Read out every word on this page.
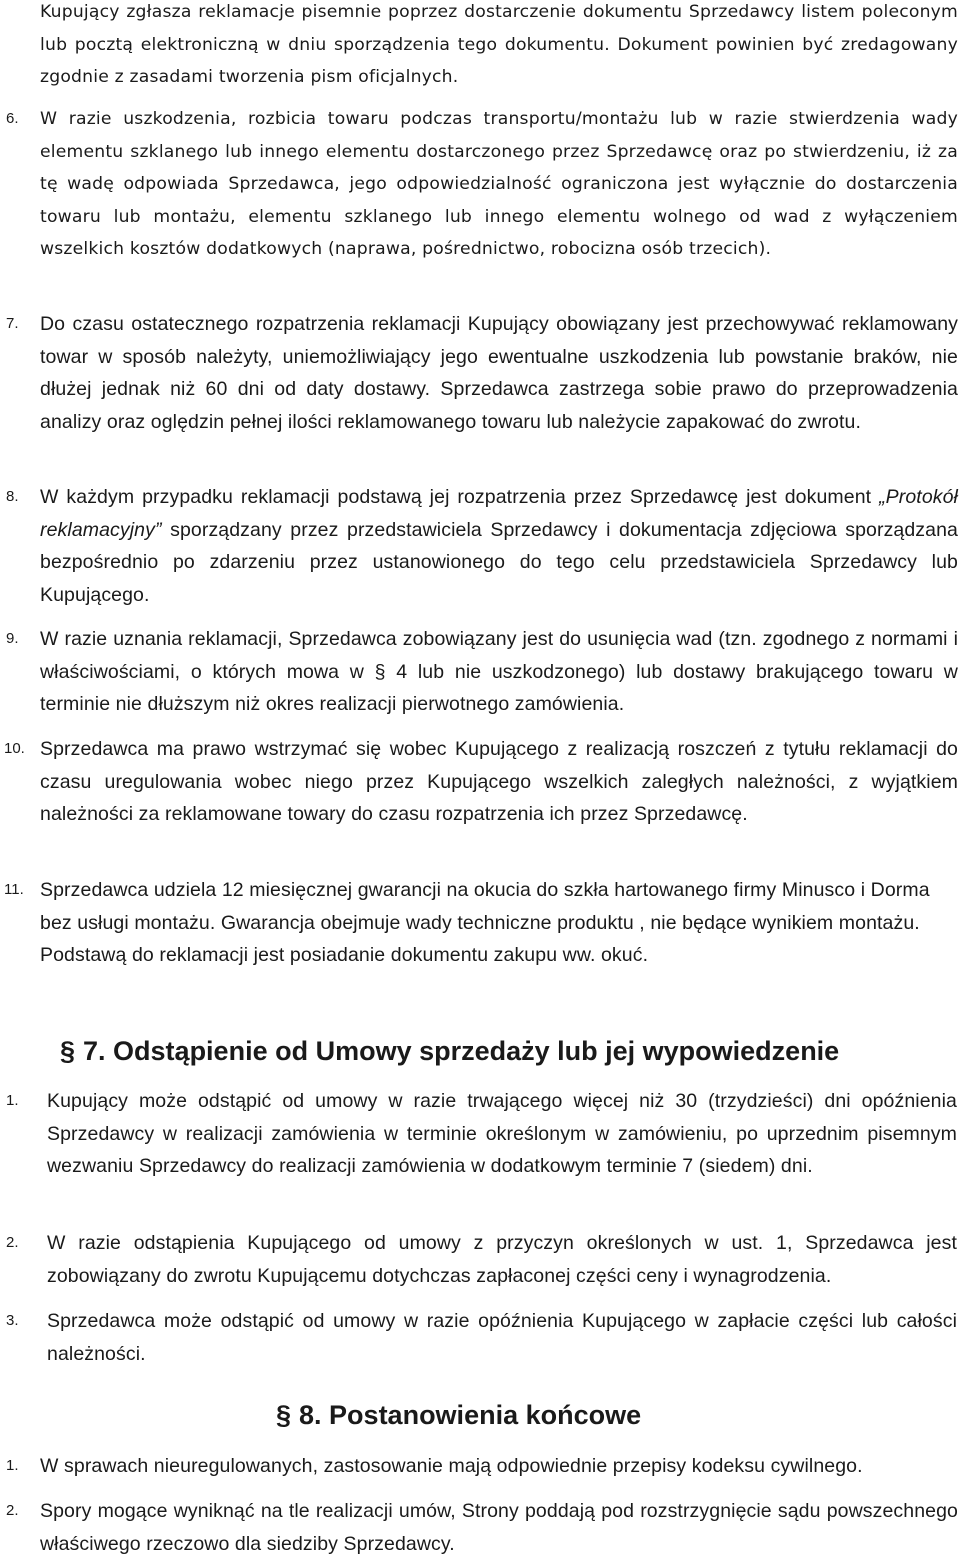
Kupujący zgłasza reklamacje pisemnie poprzez dostarczenie dokumentu Sprzedawcy listem poleconym lub pocztą elektroniczną w dniu sporządzenia tego dokumentu. Dokument powinien być zredagowany zgodnie z zasadami tworzenia pism oficjalnych.
6. W razie uszkodzenia, rozbicia towaru podczas transportu/montażu lub w razie stwierdzenia wady elementu szklanego lub innego elementu dostarczonego przez Sprzedawcę oraz po stwierdzeniu, iż za tę wadę odpowiada Sprzedawca, jego odpowiedzialność ograniczona jest wyłącznie do dostarczenia towaru lub montażu, elementu szklanego lub innego elementu wolnego od wad z wyłączeniem wszelkich kosztów dodatkowych (naprawa, pośrednictwo, robocizna osób trzecich).
7. Do czasu ostatecznego rozpatrzenia reklamacji Kupujący obowiązany jest przechowywać reklamowany towar w sposób należyty, uniemożliwiający jego ewentualne uszkodzenia lub powstanie braków, nie dłużej jednak niż 60 dni od daty dostawy. Sprzedawca zastrzega sobie prawo do przeprowadzenia analizy oraz oględzin pełnej ilości reklamowanego towaru lub należycie zapakować do zwrotu.
8. W każdym przypadku reklamacji podstawą jej rozpatrzenia przez Sprzedawcę jest dokument „Protokół reklamacyjny” sporządzany przez przedstawiciela Sprzedawcy i dokumentacja zdjęciowa sporządzana bezpośrednio po zdarzeniu przez ustanowionego do tego celu przedstawiciela Sprzedawcy lub Kupującego.
9. W razie uznania reklamacji, Sprzedawca zobowiązany jest do usunięcia wad (tzn. zgodnego z normami i właściwościami, o których mowa w § 4 lub nie uszkodzonego) lub dostawy brakującego towaru w terminie nie dłuższym niż okres realizacji pierwotnego zamówienia.
10. Sprzedawca ma prawo wstrzymać się wobec Kupującego z realizacją roszczeń z tytułu reklamacji do czasu uregulowania wobec niego przez Kupującego wszelkich zaległych należności, z wyjątkiem należności za reklamowane towary do czasu rozpatrzenia ich przez Sprzedawcę.
11. Sprzedawca udziela 12 miesięcznej gwarancji na okucia do szkła hartowanego firmy Minusco i Dorma bez usługi montażu. Gwarancja obejmuje wady techniczne produktu , nie będące wynikiem montażu. Podstawą do reklamacji jest posiadanie dokumentu zakupu ww. okuć.
§ 7. Odstąpienie od Umowy sprzedaży lub jej wypowiedzenie
1. Kupujący może odstąpić od umowy w razie trwającego więcej niż 30 (trzydzieści) dni opóźnienia Sprzedawcy w realizacji zamówienia w terminie określonym w zamówieniu, po uprzednim pisemnym wezwaniu Sprzedawcy do realizacji zamówienia w dodatkowym terminie 7 (siedem) dni.
2. W razie odstąpienia Kupującego od umowy z przyczyn określonych w ust. 1, Sprzedawca jest zobowiązany do zwrotu Kupującemu dotychczas zapłaconej części ceny i wynagrodzenia.
3. Sprzedawca może odstąpić od umowy w razie opóźnienia Kupującego w zapłacie części lub całości należności.
§ 8. Postanowienia końcowe
1. W sprawach nieuregulowanych, zastosowanie mają odpowiednie przepisy kodeksu cywilnego.
2. Spory mogące wyniknąć na tle realizacji umów, Strony poddają pod rozstrzygnięcie sądu powszechnego właściwego rzeczowo dla siedziby Sprzedawcy.
